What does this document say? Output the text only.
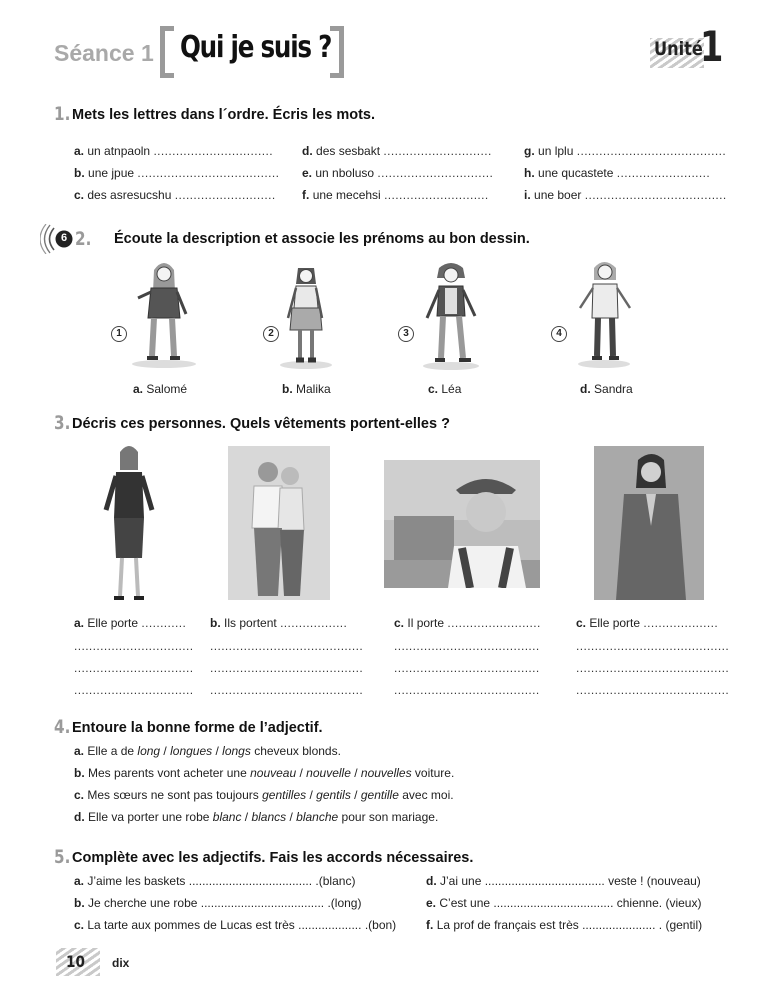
Séance 1 Qui je suis ?	Unité
1
1. Mets les lettres dans l´ordre. Écris les mots.
a. un atnpaoln ................................
b. une jpue ......................................
c. des asresucshu ...........................
d. des sesbakt .............................
e. un nboluso ...............................
f. une mecehsi ............................
g. un lplu ........................................
h. une qucastete .........................
i. une boer ......................................
6 2. Écoute la description et associe les prénoms au bon dessin.
1	2	3	4
a. Salomé	b. Malika	c. Léa	d. Sandra
3. Décris ces personnes. Quels vêtements portent-elles ?
a. Elle porte ............
................................
................................
................................
b. Ils portent ..................
.........................................
.........................................
.........................................
c. Il porte .........................
.......................................
.......................................
.......................................
c. Elle porte ....................
.........................................
.........................................
.........................................
4. Entoure la bonne forme de l’adjectif.
a. Elle a de long / longues / longs cheveux blonds.
b. Mes parents vont acheter une nouveau / nouvelle / nouvelles voiture.
c. Mes sœurs ne sont pas toujours gentilles / gentils / gentille avec moi.
d. Elle va porter une robe blanc / blancs / blanche pour son mariage.
5. Complète avec les adjectifs. Fais les accords nécessaires.
a. J’aime les baskets ..................................... .(blanc)
b. Je cherche une robe ..................................... .(long)
c. La tarte aux pommes de Lucas est très ................... .(bon)
d. J’ai une .................................... veste ! (nouveau)
e. C’est une .................................... chienne. (vieux)
f. La prof de français est très ...................... . (gentil)
10 dix
